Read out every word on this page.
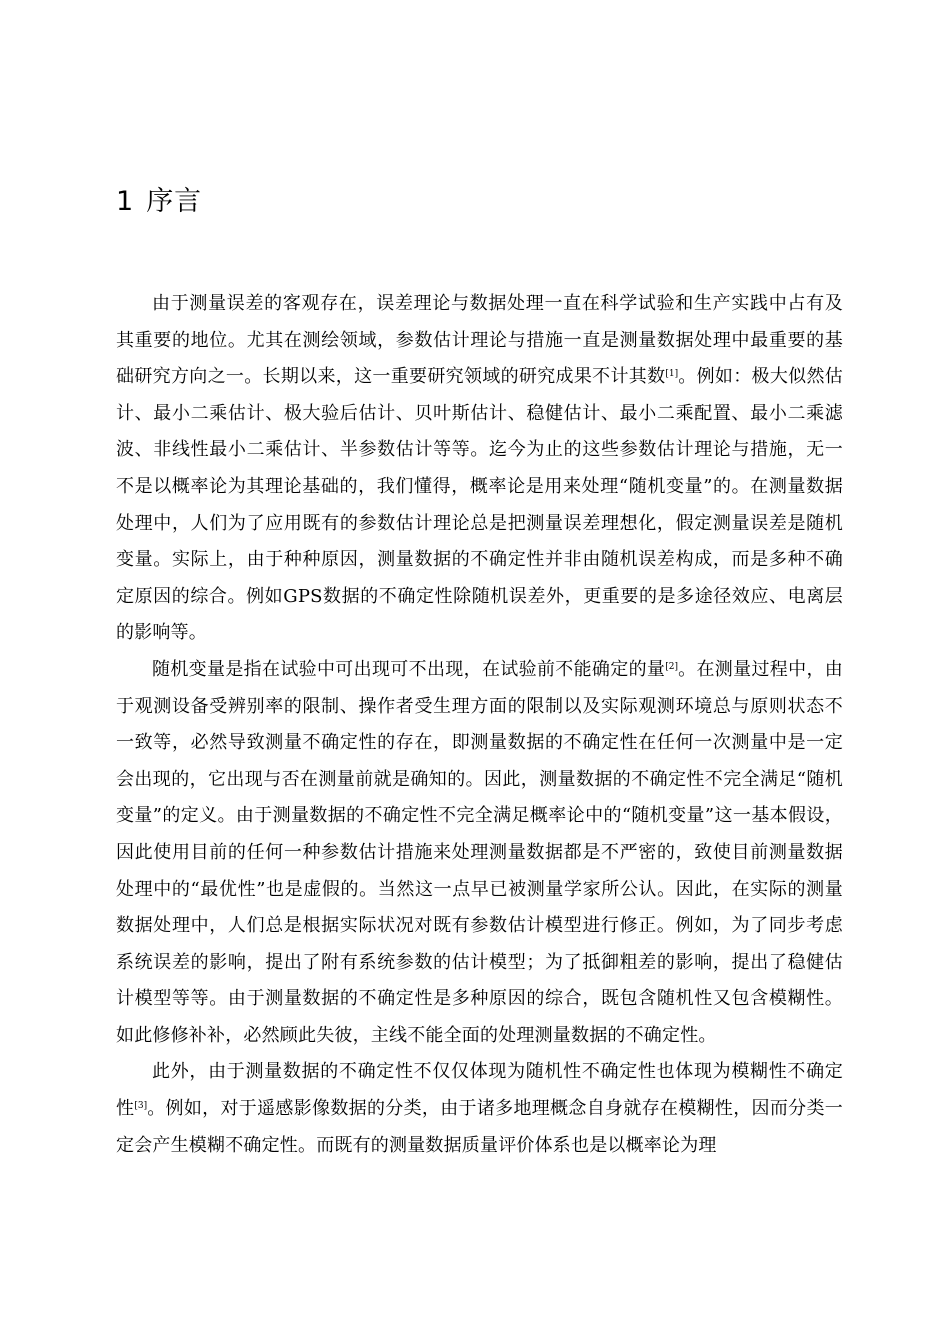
1 序言

由于测量误差的客观存在，误差理论与数据处理一直在科学试验和生产实践中占有及其重要的地位。尤其在测绘领域，参数估计理论与措施一直是测量数据处理中最重要的基础研究方向之一。长期以来，这一重要研究领域的研究成果不计其数[1]。例如：极大似然估计、最小二乘估计、极大验后估计、贝叶斯估计、稳健估计、最小二乘配置、最小二乘滤波、非线性最小二乘估计、半参数估计等等。迄今为止的这些参数估计理论与措施，无一不是以概率论为其理论基础的，我们懂得，概率论是用来处理“随机变量”的。在测量数据处理中，人们为了应用既有的参数估计理论总是把测量误差理想化，假定测量误差是随机变量。实际上，由于种种原因，测量数据的不确定性并非由随机误差构成，而是多种不确定原因的综合。例如GPS数据的不确定性除随机误差外，更重要的是多途径效应、电离层的影响等。

随机变量是指在试验中可出现可不出现，在试验前不能确定的量[2]。在测量过程中，由于观测设备受辨别率的限制、操作者受生理方面的限制以及实际观测环境总与原则状态不一致等，必然导致测量不确定性的存在，即测量数据的不确定性在任何一次测量中是一定会出现的，它出现与否在测量前就是确知的。因此，测量数据的不确定性不完全满足“随机变量”的定义。由于测量数据的不确定性不完全满足概率论中的“随机变量”这一基本假设，因此使用目前的任何一种参数估计措施来处理测量数据都是不严密的，致使目前测量数据处理中的“最优性”也是虚假的。当然这一点早已被测量学家所公认。因此，在实际的测量数据处理中，人们总是根据实际状况对既有参数估计模型进行修正。例如，为了同步考虑系统误差的影响，提出了附有系统参数的估计模型；为了抵御粗差的影响，提出了稳健估计模型等等。由于测量数据的不确定性是多种原因的综合，既包含随机性又包含模糊性。如此修修补补，必然顾此失彼，主线不能全面的处理测量数据的不确定性。

此外，由于测量数据的不确定性不仅仅体现为随机性不确定性也体现为模糊性不确定性[3]。例如，对于遥感影像数据的分类，由于诸多地理概念自身就存在模糊性，因而分类一定会产生模糊不确定性。而既有的测量数据质量评价体系也是以概率论为理
